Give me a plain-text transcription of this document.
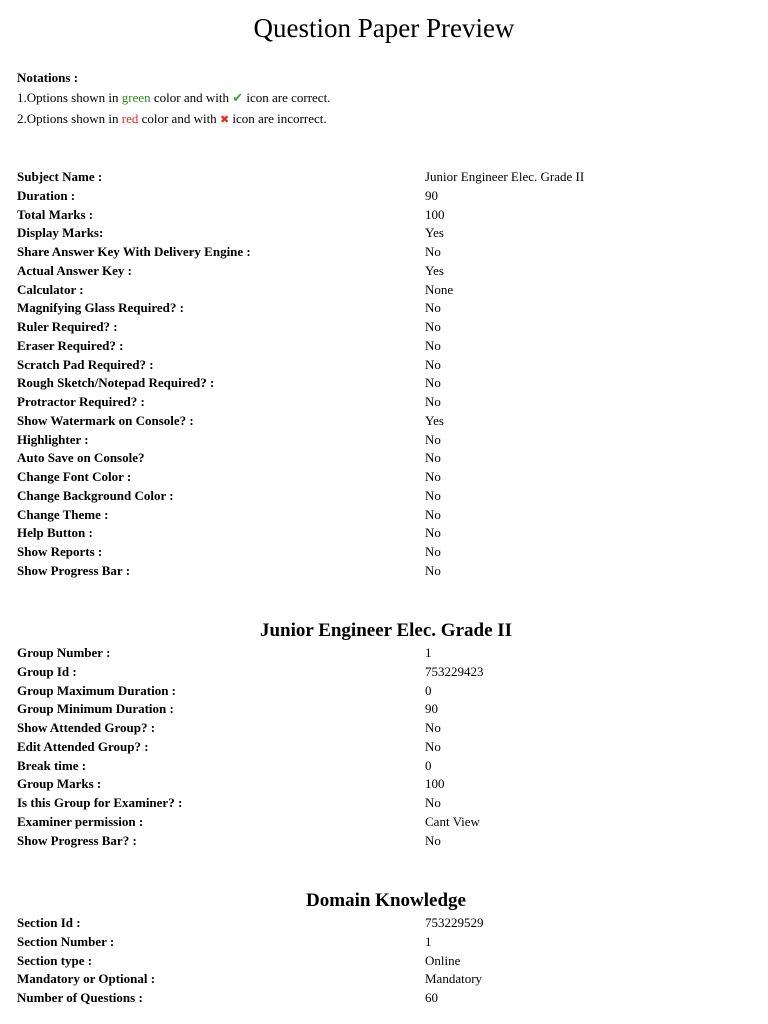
Question Paper Preview
Notations :
1.Options shown in green color and with ✔ icon are correct.
2.Options shown in red color and with ✖ icon are incorrect.
Subject Name :	Junior Engineer Elec. Grade II
Duration :	90
Total Marks :	100
Display Marks:	Yes
Share Answer Key With Delivery Engine :	No
Actual Answer Key :	Yes
Calculator :	None
Magnifying Glass Required? :	No
Ruler Required? :	No
Eraser Required? :	No
Scratch Pad Required? :	No
Rough Sketch/Notepad Required? :	No
Protractor Required? :	No
Show Watermark on Console? :	Yes
Highlighter :	No
Auto Save on Console?	No
Change Font Color :	No
Change Background Color :	No
Change Theme :	No
Help Button :	No
Show Reports :	No
Show Progress Bar :	No
Junior Engineer Elec. Grade II
Group Number :	1
Group Id :	753229423
Group Maximum Duration :	0
Group Minimum Duration :	90
Show Attended Group? :	No
Edit Attended Group? :	No
Break time :	0
Group Marks :	100
Is this Group for Examiner? :	No
Examiner permission :	Cant View
Show Progress Bar? :	No
Domain Knowledge
Section Id :	753229529
Section Number :	1
Section type :	Online
Mandatory or Optional :	Mandatory
Number of Questions :	60
